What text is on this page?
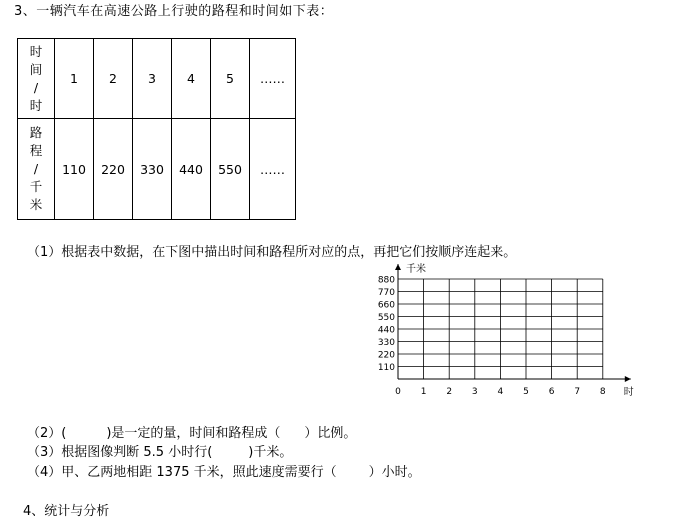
3、一辆汽车在高速公路上行驶的路程和时间如下表：
时
间
/
时	1	2	3	4	5	……

路
程
/
千
米	110	220	330	440	550	……
（1）根据表中数据，在下图中描出时间和路程所对应的点，再把它们按顺序连起来。
0 1 2 3 4 5 6 7 8
110
220
330
440
550
660
770
880
时
千米
（2）(	)是一定的量，时间和路程成（ ）比例。
（3）根据图像判断 5.5 小时行(	)千米。
（4）甲、乙两地相距 1375 千米，照此速度需要行（ ）小时。
4、统计与分析
